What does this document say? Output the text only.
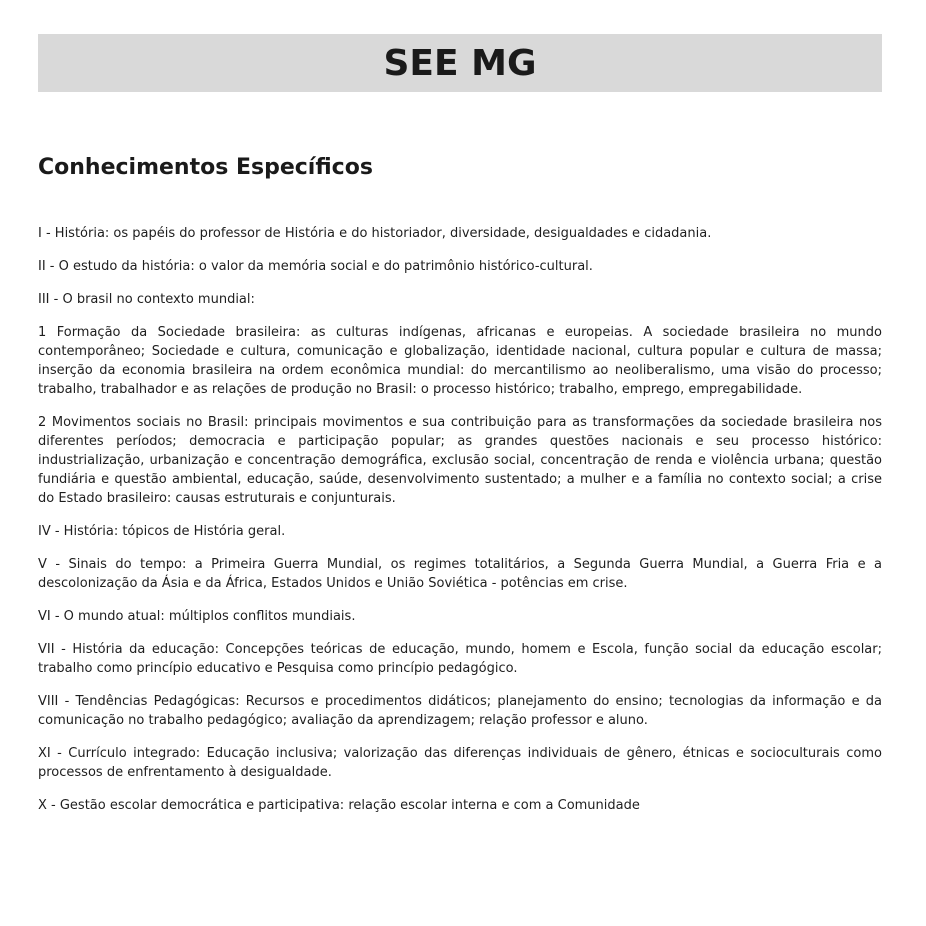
SEE MG
Conhecimentos Específicos

I - História: os papéis do professor de História e do historiador, diversidade, desigualdades e cidadania.

II - O estudo da história: o valor da memória social e do patrimônio histórico-cultural.

III - O brasil no contexto mundial:

1 Formação da Sociedade brasileira: as culturas indígenas, africanas e europeias. A sociedade brasileira no mundo contemporâneo; Sociedade e cultura, comunicação e globalização, identidade nacional, cultura popular e cultura de massa; inserção da economia brasileira na ordem econômica mundial: do mercantilismo ao neoliberalismo, uma visão do processo; trabalho, trabalhador e as relações de produção no Brasil: o processo histórico; trabalho, emprego, empregabilidade.

2 Movimentos sociais no Brasil: principais movimentos e sua contribuição para as transformações da sociedade brasileira nos diferentes períodos; democracia e participação popular; as grandes questões nacionais e seu processo histórico: industrialização, urbanização e concentração demográfica, exclusão social, concentração de renda e violência urbana; questão fundiária e questão ambiental, educação, saúde, desenvolvimento sustentado; a mulher e a família no contexto social; a crise do Estado brasileiro: causas estruturais e conjunturais.

IV - História: tópicos de História geral.

V - Sinais do tempo: a Primeira Guerra Mundial, os regimes totalitários, a Segunda Guerra Mundial, a Guerra Fria e a descolonização da Ásia e da África, Estados Unidos e União Soviética - potências em crise.

VI - O mundo atual: múltiplos conflitos mundiais.

VII - História da educação: Concepções teóricas de educação, mundo, homem e Escola, função social da educação escolar; trabalho como princípio educativo e Pesquisa como princípio pedagógico.

VIII - Tendências Pedagógicas: Recursos e procedimentos didáticos; planejamento do ensino; tecnologias da informação e da comunicação no trabalho pedagógico; avaliação da aprendizagem; relação professor e aluno.

XI - Currículo integrado: Educação inclusiva; valorização das diferenças individuais de gênero, étnicas e socioculturais como processos de enfrentamento à desigualdade.

X - Gestão escolar democrática e participativa: relação escolar interna e com a Comunidade
